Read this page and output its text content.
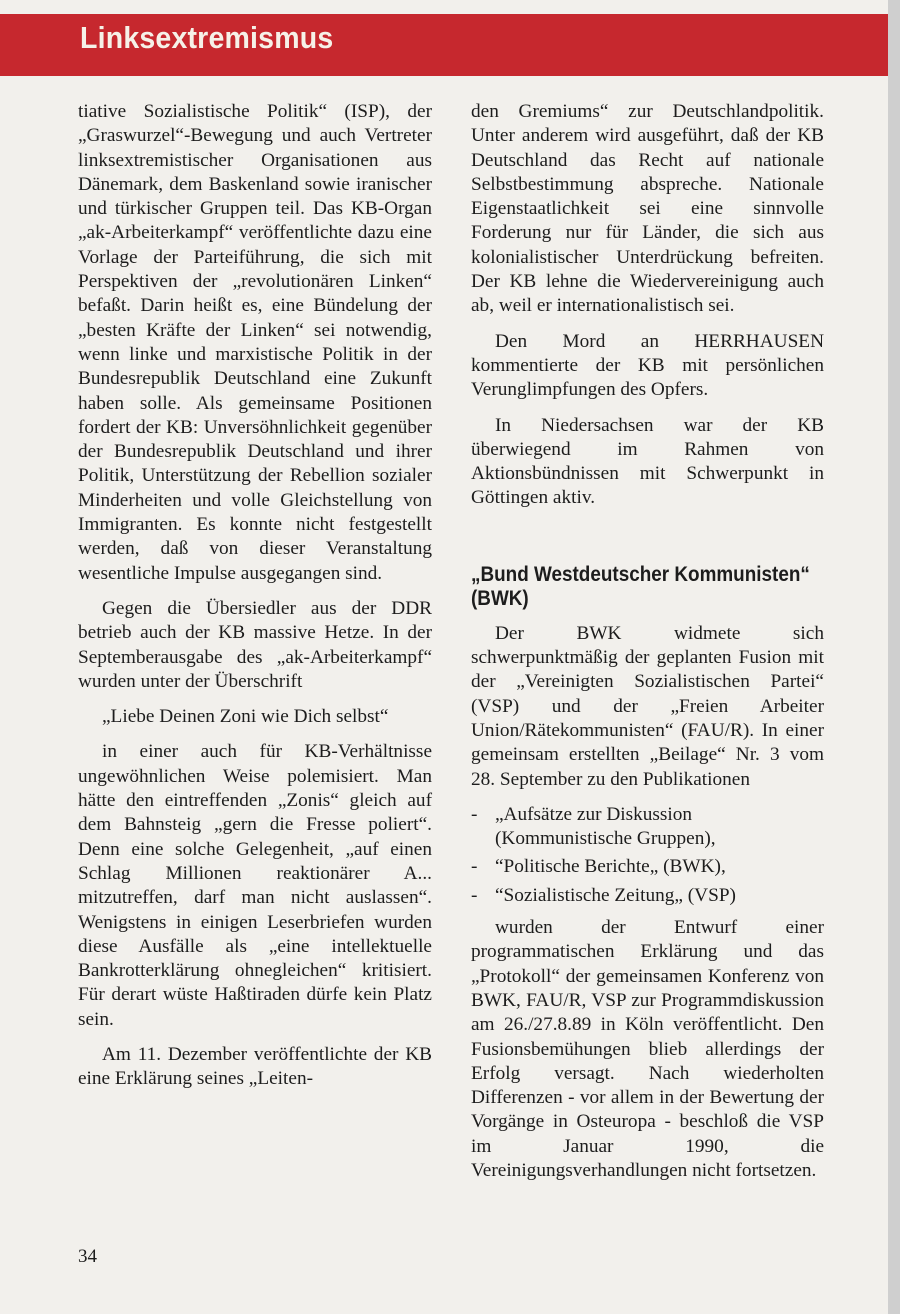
Linksextremismus

tiative Sozialistische Politik“ (ISP), der „Graswurzel“-Bewegung und auch Vertreter linksextremistischer Organisationen aus Dänemark, dem Baskenland sowie iranischer und türkischer Gruppen teil. Das KB-Organ „ak-Arbeiterkampf“ veröffentlichte dazu eine Vorlage der Parteiführung, die sich mit Perspektiven der „revolutionären Linken“ befaßt. Darin heißt es, eine Bündelung der „besten Kräfte der Linken“ sei notwendig, wenn linke und marxistische Politik in der Bundesrepublik Deutschland eine Zukunft haben solle. Als gemeinsame Positionen fordert der KB: Unversöhnlichkeit gegenüber der Bundesrepublik Deutschland und ihrer Politik, Unterstützung der Rebellion sozialer Minderheiten und volle Gleichstellung von Immigranten. Es konnte nicht festgestellt werden, daß von dieser Veranstaltung wesentliche Impulse ausgegangen sind.

Gegen die Übersiedler aus der DDR betrieb auch der KB massive Hetze. In der Septemberausgabe des „ak-Arbeiterkampf“ wurden unter der Überschrift

„Liebe Deinen Zoni wie Dich selbst“

in einer auch für KB-Verhältnisse ungewöhnlichen Weise polemisiert. Man hätte den eintreffenden „Zonis“ gleich auf dem Bahnsteig „gern die Fresse poliert“. Denn eine solche Gelegenheit, „auf einen Schlag Millionen reaktionärer A... mitzutreffen, darf man nicht auslassen“. Wenigstens in einigen Leserbriefen wurden diese Ausfälle als „eine intellektuelle Bankrotterklärung ohnegleichen“ kritisiert. Für derart wüste Haßtiraden dürfe kein Platz sein.

Am 11. Dezember veröffentlichte der KB eine Erklärung seines „Leiten-

den Gremiums“ zur Deutschlandpolitik. Unter anderem wird ausgeführt, daß der KB Deutschland das Recht auf nationale Selbstbestimmung abspreche. Nationale Eigenstaatlichkeit sei eine sinnvolle Forderung nur für Länder, die sich aus kolonialistischer Unterdrückung befreiten. Der KB lehne die Wiedervereinigung auch ab, weil er internationalistisch sei.

Den Mord an HERRHAUSEN kommentierte der KB mit persönlichen Verunglimpfungen des Opfers.

In Niedersachsen war der KB überwiegend im Rahmen von Aktionsbündnissen mit Schwerpunkt in Göttingen aktiv.

„Bund Westdeutscher Kommunisten“ (BWK)

Der BWK widmete sich schwerpunktmäßig der geplanten Fusion mit der „Vereinigten Sozialistischen Partei“ (VSP) und der „Freien Arbeiter Union/Rätekommunisten“ (FAU/R). In einer gemeinsam erstellten „Beilage“ Nr. 3 vom 28. September zu den Publikationen

- „Aufsätze zur Diskussion (Kommunistische Gruppen),
- “Politische Berichte„ (BWK),
- “Sozialistische Zeitung„ (VSP)

wurden der Entwurf einer programmatischen Erklärung und das „Protokoll“ der gemeinsamen Konferenz von BWK, FAU/R, VSP zur Programmdiskussion am 26./27.8.89 in Köln veröffentlicht. Den Fusionsbemühungen blieb allerdings der Erfolg versagt. Nach wiederholten Differenzen - vor allem in der Bewertung der Vorgänge in Osteuropa - beschloß die VSP im Januar 1990, die Vereinigungsverhandlungen nicht fortsetzen.

34
